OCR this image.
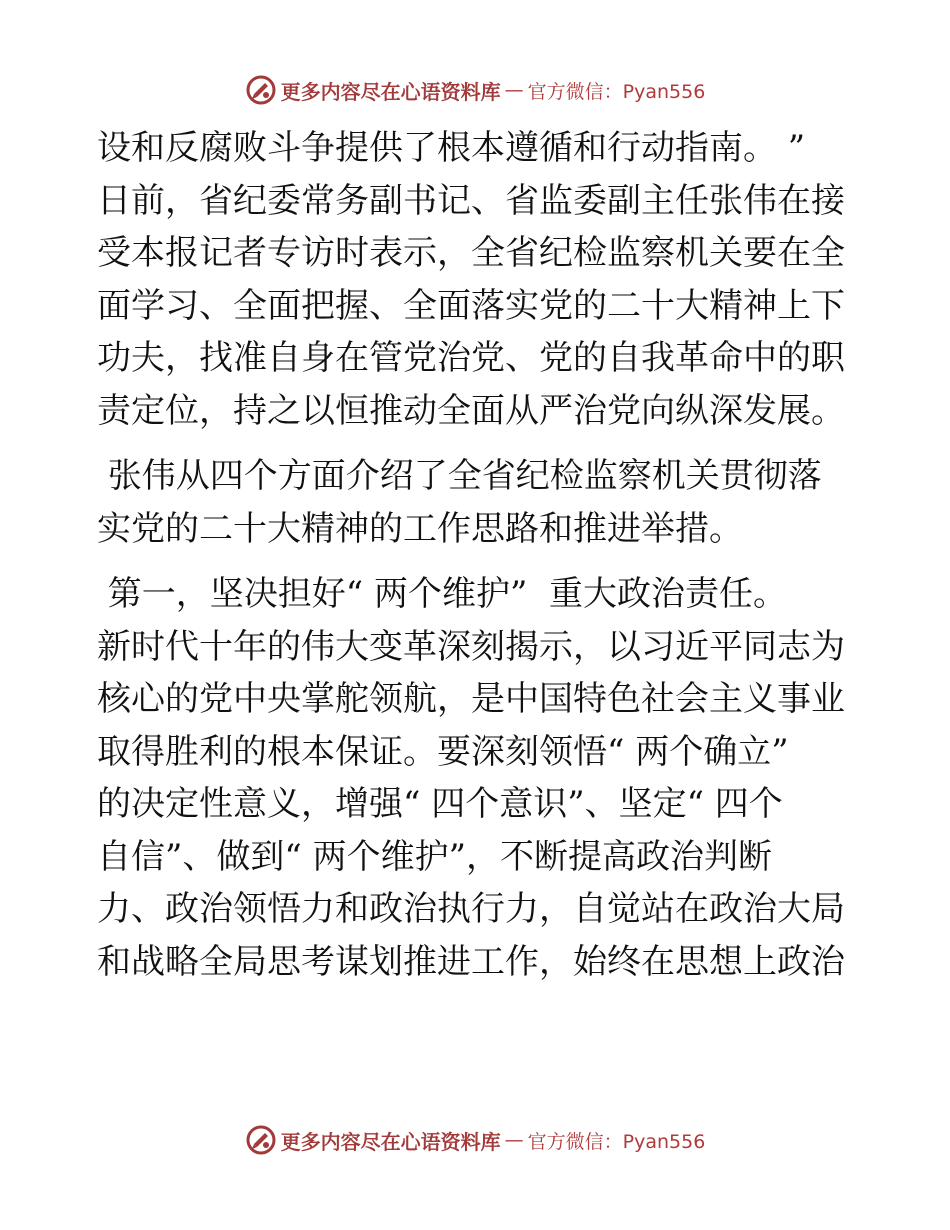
更多内容尽在心语资料库 — 官方微信：Pyan556
设和反腐败斗争提供了根本遵循和行动指南。 ”
日前，省纪委常务副书记、省监委副主任张伟在接
受本报记者专访时表示，全省纪检监察机关要在全
面学习、全面把握、全面落实党的二十大精神上下
功夫，找准自身在管党治党、党的自我革命中的职
责定位，持之以恒推动全面从严治党向纵深发展。
张伟从四个方面介绍了全省纪检监察机关贯彻落
实党的二十大精神的工作思路和推进举措。
第一，坚决担好“ 两个维护”  重大政治责任。
新时代十年的伟大变革深刻揭示，以习近平同志为
核心的党中央掌舵领航，是中国特色社会主义事业
取得胜利的根本保证。要深刻领悟“ 两个确立”
的决定性意义，增强“ 四个意识”、坚定“ 四个
自信”、做到“ 两个维护”，不断提高政治判断
力、政治领悟力和政治执行力，自觉站在政治大局
和战略全局思考谋划推进工作，始终在思想上政治
更多内容尽在心语资料库 — 官方微信：Pyan556
